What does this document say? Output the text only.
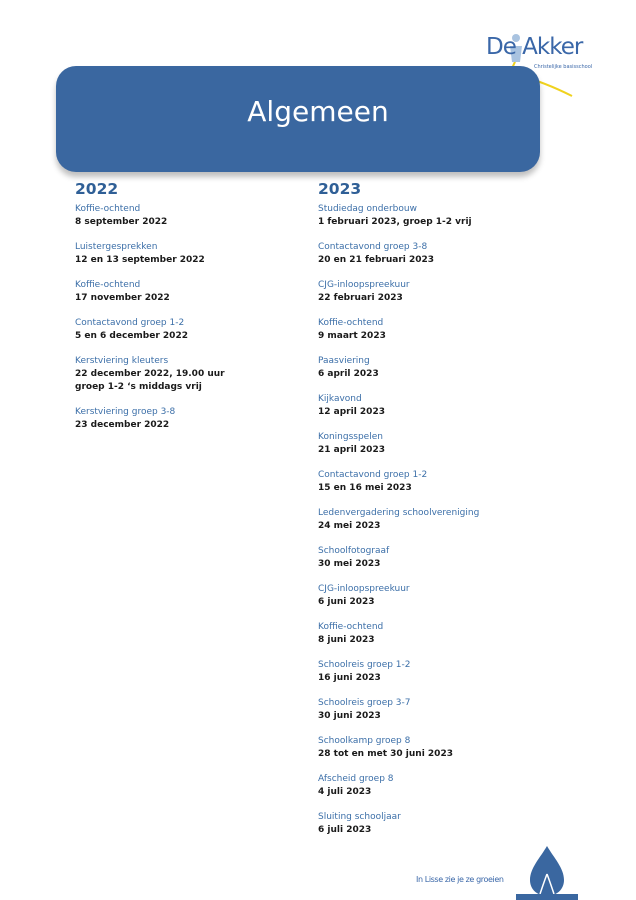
De Akker
Christelijke basisschool
Algemeen
2022
Koffie-ochtend
8 september 2022
Luistergesprekken
12 en 13 september 2022
Koffie-ochtend
17 november 2022
Contactavond groep 1-2
5 en 6 december 2022
Kerstviering kleuters
22 december 2022, 19.00 uur
groep 1-2 ‘s middags vrij
Kerstviering groep 3-8
23 december 2022
2023
Studiedag onderbouw
1 februari 2023, groep 1-2 vrij
Contactavond groep 3-8
20 en 21 februari 2023
CJG-inloopspreekuur
22 februari 2023
Koffie-ochtend
9 maart 2023
Paasviering
6 april 2023
Kijkavond
12 april 2023
Koningsspelen
21 april 2023
Contactavond groep 1-2
15 en 16 mei 2023
Ledenvergadering schoolvereniging
24 mei 2023
Schoolfotograaf
30 mei 2023
CJG-inloopspreekuur
6 juni 2023
Koffie-ochtend
8 juni 2023
Schoolreis groep 1-2
16 juni 2023
Schoolreis groep 3-7
30 juni 2023
Schoolkamp groep 8
28 tot en met 30 juni 2023
Afscheid groep 8
4 juli 2023
Sluiting schooljaar
6 juli 2023
In Lisse zie je ze groeien
